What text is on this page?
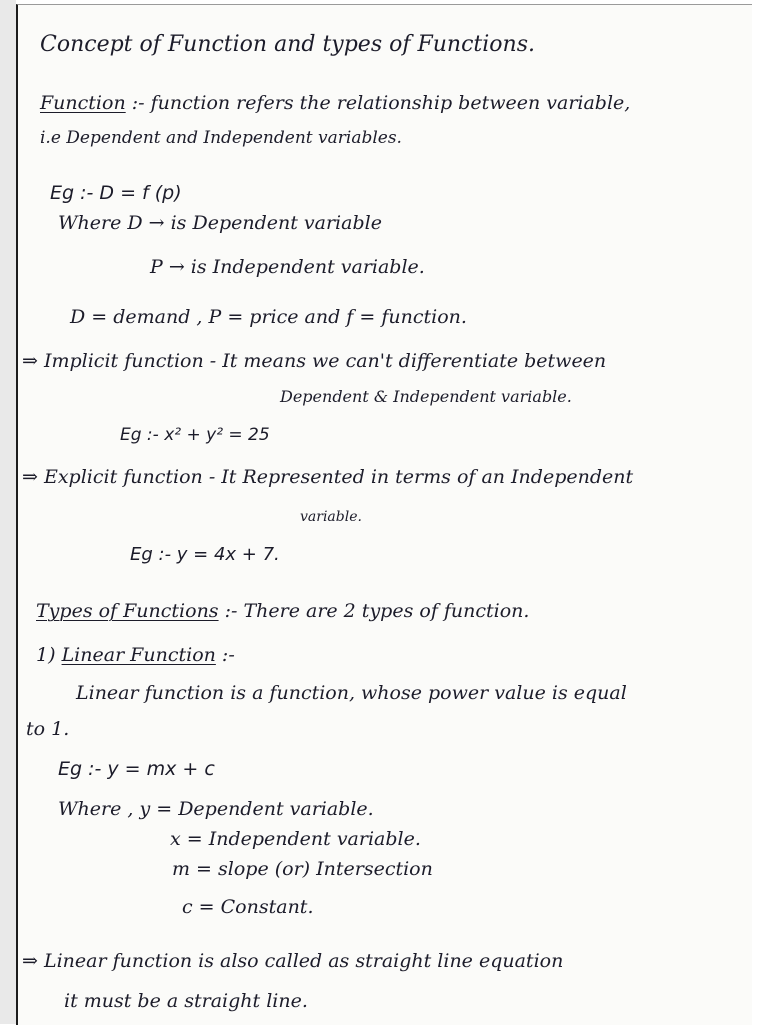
Concept of Function and types of Functions.
Function :- function refers the relationship between variable,
i.e Dependent and Independent variables.
Eg :- D = f (p)
Where D → is Dependent variable
P → is Independent variable.
D = demand , P = price and f = function.
⇒ Implicit function - It means we can't differentiate between
Dependent & Independent variable.
Eg :- x² + y² = 25
⇒ Explicit function - It Represented in terms of an Independent
variable.
Eg :- y = 4x + 7.
Types of Functions :- There are 2 types of function.
1) Linear Function :-
Linear function is a function, whose power value is equal
to 1.
Eg :- y = mx + c
Where , y = Dependent variable.
x = Independent variable.
m = slope (or) Intersection
c = Constant.
⇒ Linear function is also called as straight line equation
it must be a straight line.
